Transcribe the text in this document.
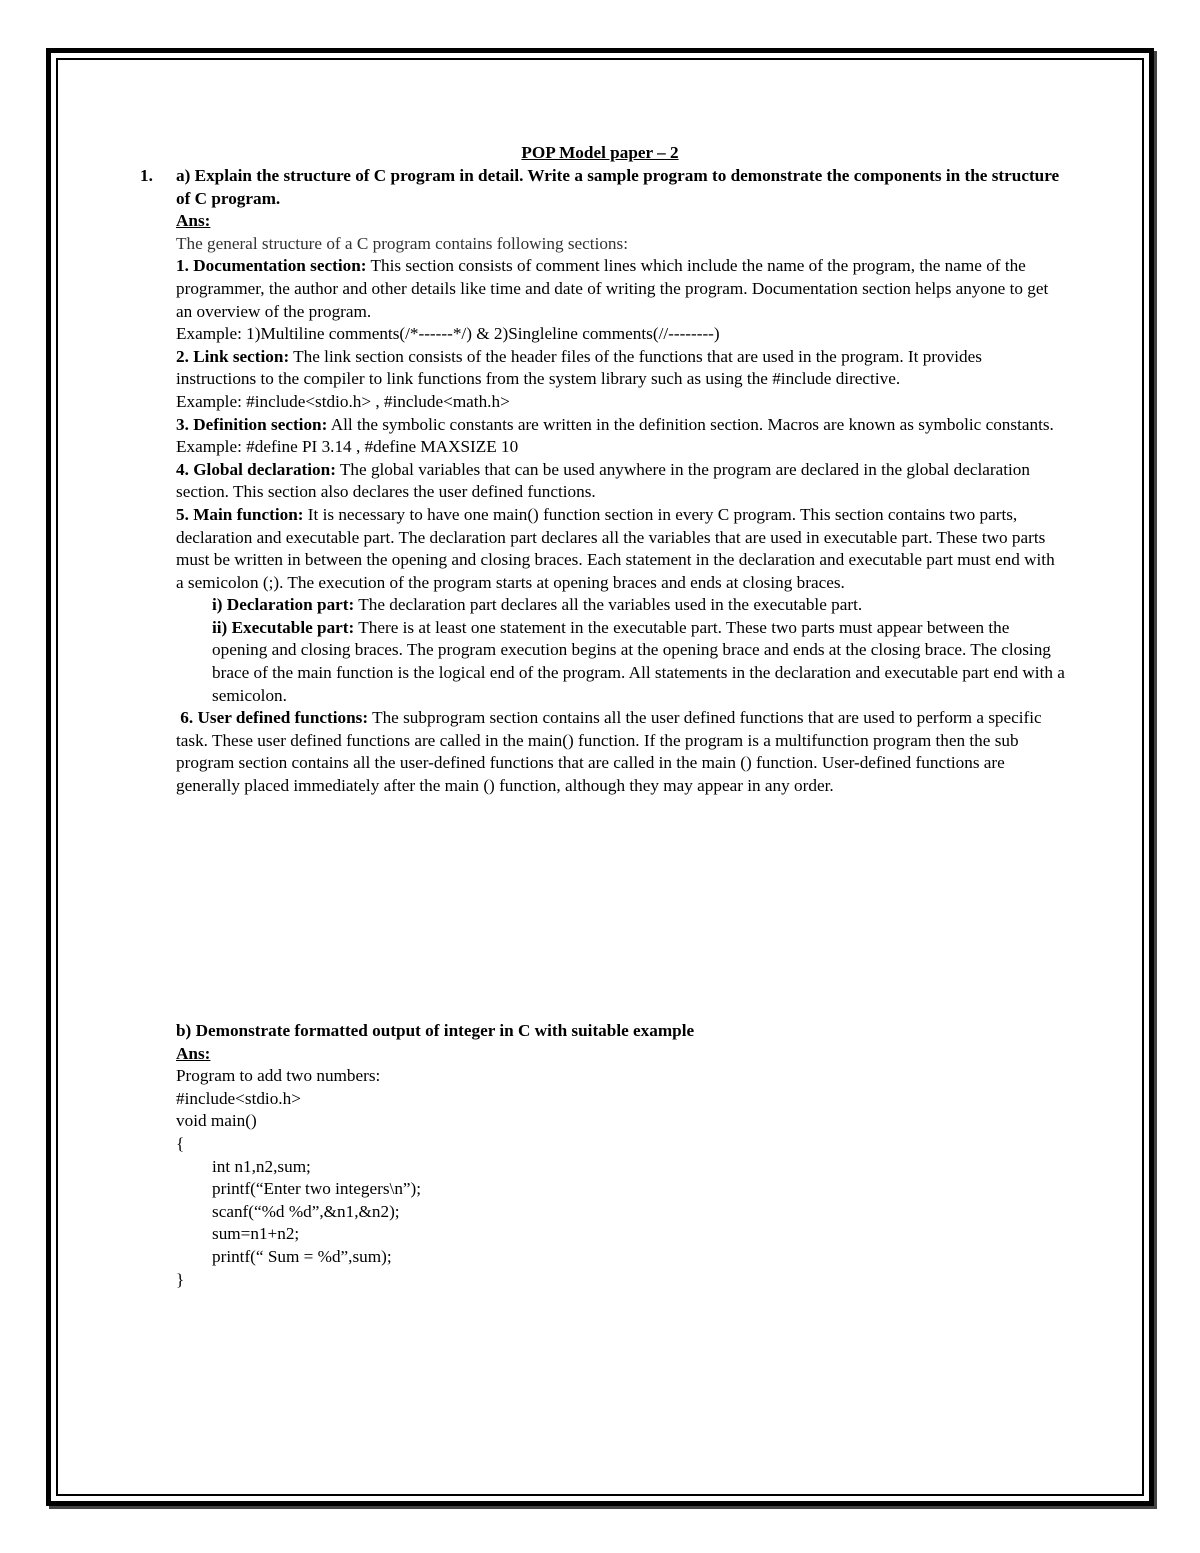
POP Model paper – 2
1. a) Explain the structure of C program in detail. Write a sample program to demonstrate the components in the structure of C program.

Ans:

The general structure of a C program contains following sections:

1. Documentation section: This section consists of comment lines which include the name of the program, the name of the programmer, the author and other details like time and date of writing the program. Documentation section helps anyone to get an overview of the program.

Example: 1)Multiline comments(/*------*/) & 2)Singleline comments(//--------)

2. Link section: The link section consists of the header files of the functions that are used in the program. It provides instructions to the compiler to link functions from the system library such as using the #include directive.

Example: #include<stdio.h> , #include<math.h>

3. Definition section: All the symbolic constants are written in the definition section. Macros are known as symbolic constants.

Example: #define PI 3.14 , #define MAXSIZE 10

4. Global declaration: The global variables that can be used anywhere in the program are declared in the global declaration section. This section also declares the user defined functions.

5. Main function: It is necessary to have one main() function section in every C program. This section contains two parts, declaration and executable part. The declaration part declares all the variables that are used in executable part. These two parts must be written in between the opening and closing braces. Each statement in the declaration and executable part must end with a semicolon (;). The execution of the program starts at opening braces and ends at closing braces.

i) Declaration part: The declaration part declares all the variables used in the executable part.

ii) Executable part: There is at least one statement in the executable part. These two parts must appear between the opening and closing braces. The program execution begins at the opening brace and ends at the closing brace. The closing brace of the main function is the logical end of the program. All statements in the declaration and executable part end with a semicolon.

6. User defined functions: The subprogram section contains all the user defined functions that are used to perform a specific task. These user defined functions are called in the main() function. If the program is a multifunction program then the sub program section contains all the user-defined functions that are called in the main () function. User-defined functions are generally placed immediately after the main () function, although they may appear in any order.

b) Demonstrate formatted output of integer in C with suitable example

Ans:

Program to add two numbers:

#include<stdio.h>

void main()

{

int n1,n2,sum;

printf(“Enter two integers\n”);

scanf(“%d %d”,&n1,&n2);

sum=n1+n2;

printf(“ Sum = %d”,sum);

}
